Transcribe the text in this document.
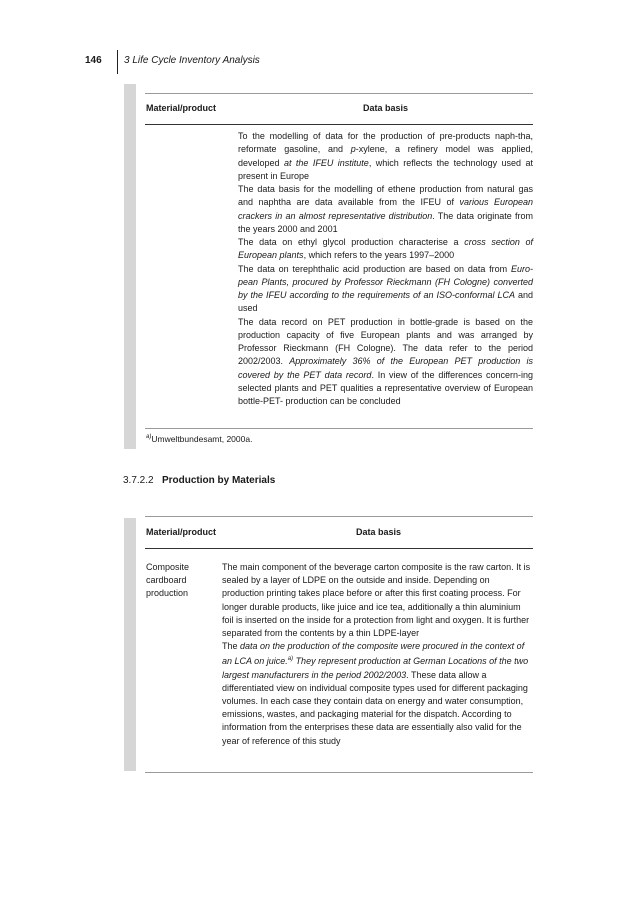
146 3 Life Cycle Inventory Analysis
Material/product	Data basis

To the modelling of data for the production of pre-products naph-tha, reformate gasoline, and p-xylene, a refinery model was applied, developed at the IFEU institute, which reflects the technology used at present in Europe

The data basis for the modelling of ethene production from natural gas and naphtha are data available from the IFEU of various European crackers in an almost representative distribution. The data originate from the years 2000 and 2001

The data on ethyl glycol production characterise a cross section of European plants, which refers to the years 1997–2000

The data on terephthalic acid production are based on data from Euro-pean Plants, procured by Professor Rieckmann (FH Cologne) converted by the IFEU according to the requirements of an ISO-conformal LCA and used

The data record on PET production in bottle-grade is based on the production capacity of five European plants and was arranged by Professor Rieckmann (FH Cologne). The data refer to the period 2002/2003. Approximately 36% of the European PET production is covered by the PET data record. In view of the differences concern-ing selected plants and PET qualities a representative overview of European bottle-PET- production can be concluded

$^{a)}$Umweltbundesamt, 2000a.
3.7.2.2 Production by Materials
Material/product	Data basis
Composite
cardboard
production

The main component of the beverage carton composite is the raw carton. It is sealed by a layer of LDPE on the outside and inside. Depending on production printing takes place before or after this first coating process. For longer durable products, like juice and ice tea, additionally a thin aluminium foil is inserted on the inside for a protection from light and oxygen. It is further separated from the contents by a thin LDPE-layer

The data on the production of the composite were procured in the context of an LCA on juice.$^{a)}$ They represent production at German Locations of the two largest manufacturers in the period 2002/2003. These data allow a differentiated view on individual composite types used for different packaging volumes. In each case they contain data on energy and water consumption, emissions, wastes, and packaging material for the dispatch. According to information from the enterprises these data are essentially also valid for the year of reference of this study
